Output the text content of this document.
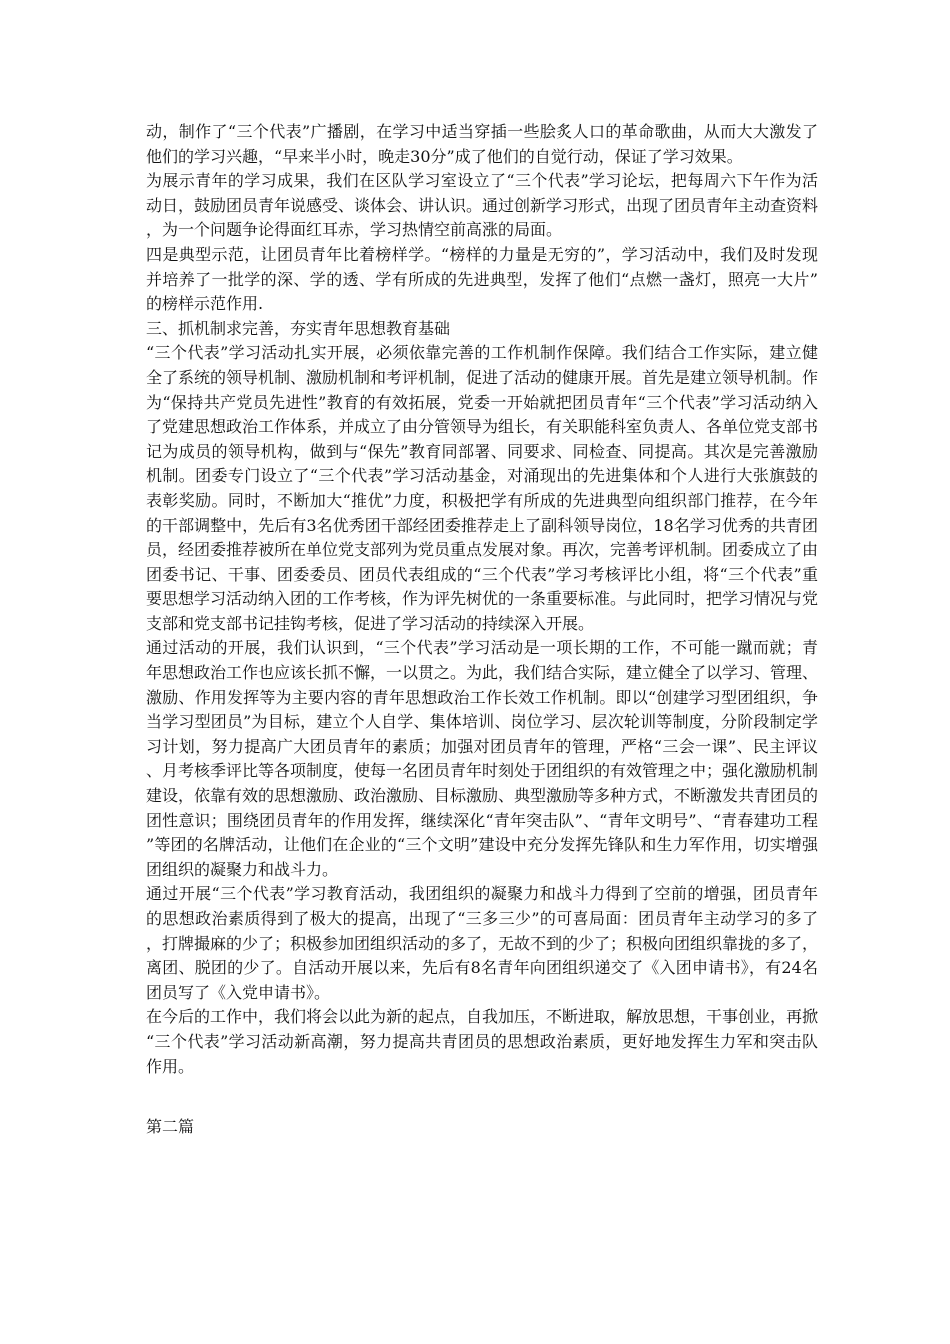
动，制作了“三个代表”广播剧，在学习中适当穿插一些脍炙人口的革命歌曲，从而大大激发了他们的学习兴趣，“早来半小时，晚走30分”成了他们的自觉行动，保证了学习效果。

为展示青年的学习成果，我们在区队学习室设立了“三个代表”学习论坛，把每周六下午作为活动日，鼓励团员青年说感受、谈体会、讲认识。通过创新学习形式，出现了团员青年主动查资料，为一个问题争论得面红耳赤，学习热情空前高涨的局面。

四是典型示范，让团员青年比着榜样学。“榜样的力量是无穷的”，学习活动中，我们及时发现并培养了一批学的深、学的透、学有所成的先进典型，发挥了他们“点燃一盏灯，照亮一大片”的榜样示范作用.

三、抓机制求完善，夯实青年思想教育基础

“三个代表”学习活动扎实开展，必须依靠完善的工作机制作保障。我们结合工作实际，建立健全了系统的领导机制、激励机制和考评机制，促进了活动的健康开展。首先是建立领导机制。作为“保持共产党员先进性”教育的有效拓展，党委一开始就把团员青年“三个代表”学习活动纳入了党建思想政治工作体系，并成立了由分管领导为组长，有关职能科室负责人、各单位党支部书记为成员的领导机构，做到与“保先”教育同部署、同要求、同检查、同提高。其次是完善激励机制。团委专门设立了“三个代表”学习活动基金，对涌现出的先进集体和个人进行大张旗鼓的表彰奖励。同时，不断加大“推优”力度，积极把学有所成的先进典型向组织部门推荐，在今年的干部调整中，先后有3名优秀团干部经团委推荐走上了副科领导岗位，18名学习优秀的共青团员，经团委推荐被所在单位党支部列为党员重点发展对象。再次，完善考评机制。团委成立了由团委书记、干事、团委委员、团员代表组成的“三个代表”学习考核评比小组，将“三个代表”重要思想学习活动纳入团的工作考核，作为评先树优的一条重要标准。与此同时，把学习情况与党支部和党支部书记挂钩考核，促进了学习活动的持续深入开展。

通过活动的开展，我们认识到，“三个代表”学习活动是一项长期的工作，不可能一蹴而就；青年思想政治工作也应该长抓不懈，一以贯之。为此，我们结合实际，建立健全了以学习、管理、激励、作用发挥等为主要内容的青年思想政治工作长效工作机制。即以“创建学习型团组织，争当学习型团员”为目标，建立个人自学、集体培训、岗位学习、层次轮训等制度，分阶段制定学习计划，努力提高广大团员青年的素质；加强对团员青年的管理，严格“三会一课”、民主评议、月考核季评比等各项制度，使每一名团员青年时刻处于团组织的有效管理之中；强化激励机制建设，依靠有效的思想激励、政治激励、目标激励、典型激励等多种方式，不断激发共青团员的团性意识；围绕团员青年的作用发挥，继续深化“青年突击队”、“青年文明号”、“青春建功工程”等团的名牌活动，让他们在企业的“三个文明”建设中充分发挥先锋队和生力军作用，切实增强团组织的凝聚力和战斗力。

通过开展“三个代表”学习教育活动，我团组织的凝聚力和战斗力得到了空前的增强，团员青年的思想政治素质得到了极大的提高，出现了“三多三少”的可喜局面：团员青年主动学习的多了，打牌撮麻的少了；积极参加团组织活动的多了，无故不到的少了；积极向团组织靠拢的多了，离团、脱团的少了。自活动开展以来，先后有8名青年向团组织递交了《入团申请书》，有24名团员写了《入党申请书》。

在今后的工作中，我们将会以此为新的起点，自我加压，不断进取，解放思想，干事创业，再掀“三个代表”学习活动新高潮，努力提高共青团员的思想政治素质，更好地发挥生力军和突击队作用。

第二篇
